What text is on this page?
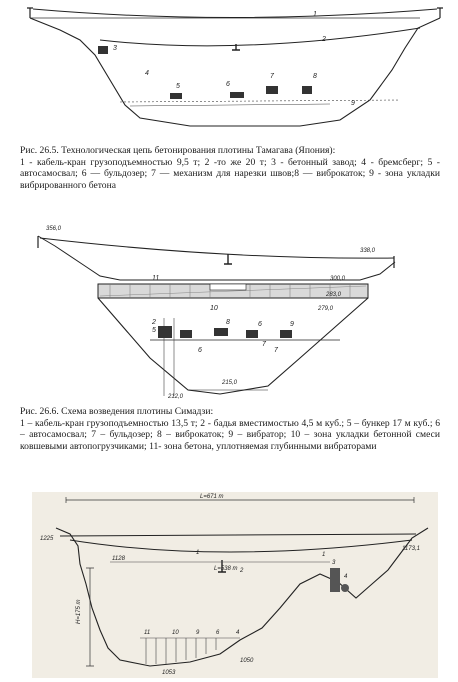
1
2
3
4
5	6
7	8
9
Рис. 26.5. Технологическая цепь бетонирования плотины Тамагава (Япония):
1 - кабель-кран грузоподъемностью 9,5 т; 2 -то же 20 т; 3 - бетонный завод; 4 - бремсберг; 5 - автосамосвал; 6 — бульдозер; 7 — механизм для нарезки швов;8 — виброкаток; 9 - зона укладки вибрированного бетона
356,0
338,0
300,0
283,0
279,0
215,0
212,0
11
10
2
5
8	6	9
7
6	7
Рис. 26.6. Схема возведения плотины Симадзи:
1 – кабель-кран грузоподъемностью 13,5 т; 2 - бадья вместимостью 4,5 м куб.; 5 – бункер 17 м куб.; 6 – автосамосвал; 7 – бульдозер; 8 – виброкаток; 9 – вибратор; 10 – зона укладки бетонной смеси ковшевыми автопогрузчиками; 11- зона бетона, уплотняемая глубинными вибраторами
L=671 m
1	1
2
3
4
H=175 m
11	10	9	6	4
L=538 m
1225
1173,1
1128
1053
1050
